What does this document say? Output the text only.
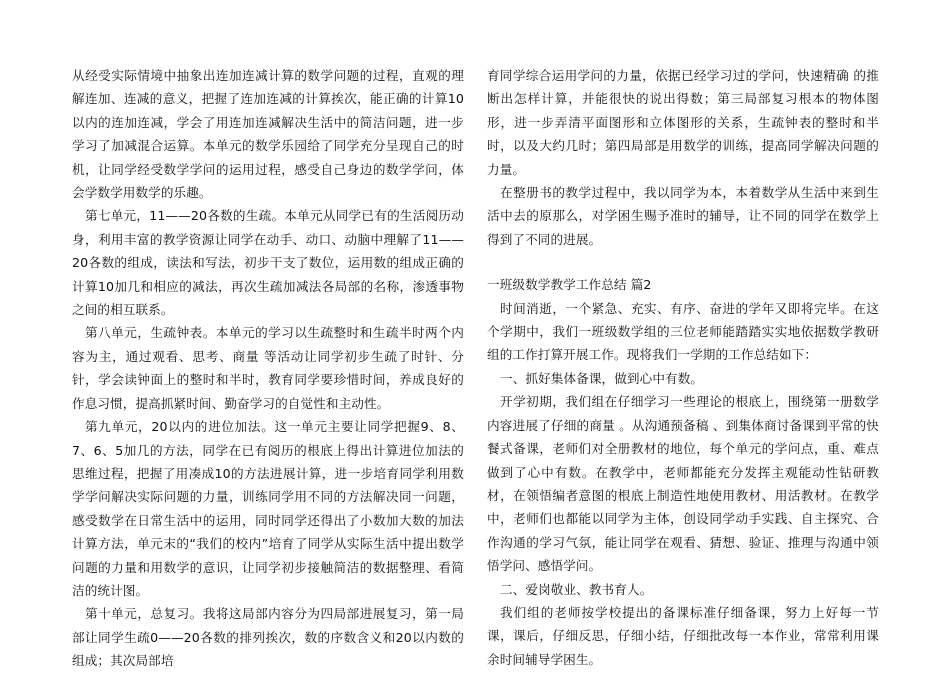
从经受实际情境中抽象出连加连减计算的数学问题的过程，直观的理解连加、连减的意义，把握了连加连减的计算挨次，能正确的计算10以内的连加连减，学会了用连加连减解决生活中的简洁问题，进一步学习了加减混合运算。本单元的数学乐园给了同学充分呈现自己的时机，让同学经受数学学问的运用过程，感受自己身边的数学学问，体会学数学用数学的乐趣。

第七单元，11——20各数的生疏。本单元从同学已有的生活阅历动身，利用丰富的教学资源让同学在动手、动口、动脑中理解了11——20各数的组成，读法和写法，初步干支了数位，运用数的组成正确的计算10加几和相应的减法，再次生疏加减法各局部的名称，渗透事物之间的相互联系。

第八单元，生疏钟表。本单元的学习以生疏整时和生疏半时两个内容为主，通过观看、思考、商量 等活动让同学初步生疏了时针、分针，学会读钟面上的整时和半时，教育同学要珍惜时间，养成良好的作息习惯，提高抓紧时间、勤奋学习的自觉性和主动性。

第九单元，20以内的进位加法。这一单元主要让同学把握9、8、7、6、5加几的方法，同学在已有阅历的根底上得出计算进位加法的思维过程，把握了用凑成10的方法进展计算，进一步培育同学利用数学学问解决实际问题的力量，训练同学用不同的方法解决同一问题，感受数学在日常生活中的运用，同时同学还得出了小数加大数的加法计算方法，单元末的“我们的校内”培育了同学从实际生活中提出数学问题的力量和用数学的意识，让同学初步接触简洁的数据整理、看简洁的统计图。

第十单元，总复习。我将这局部内容分为四局部进展复习，第一局部让同学生疏0——20各数的排列挨次，数的序数含义和20以内数的组成；其次局部培

育同学综合运用学问的力量，依据已经学习过的学问，快速精确 的推断出怎样计算，并能很快的说出得数；第三局部复习根本的物体图形，进一步弄清平面图形和立体图形的关系，生疏钟表的整时和半时，以及大约几时；第四局部是用数学的训练，提高同学解决问题的力量。

在整册书的教学过程中，我以同学为本，本着数学从生活中来到生活中去的原那么，对学困生赐予准时的辅导，让不同的同学在数学上得到了不同的进展。

一班级数学教学工作总结 篇2

时间消逝，一个紧急、充实、有序、奋进的学年又即将完毕。在这个学期中，我们一班级数学组的三位老师能踏踏实实地依据数学教研组的工作打算开展工作。现将我们一学期的工作总结如下：

一、抓好集体备课，做到心中有数。

开学初期，我们组在仔细学习一些理论的根底上，围绕第一册数学内容进展了仔细的商量 。从沟通预备稿 、到集体商讨备课到平常的快餐式备课，老师们对全册教材的地位，每个单元的学问点，重、难点做到了心中有数。在教学中，老师都能充分发挥主观能动性钻研教材，在领悟编者意图的根底上制造性地使用教材、用活教材。在教学中，老师们也都能以同学为主体，创设同学动手实践、自主探究、合作沟通的学习气氛，能让同学在观看、猜想、验证、推理与沟通中领悟学问、感悟学问。

二、爱岗敬业、教书育人。

我们组的老师按学校提出的备课标准仔细备课，努力上好每一节课，课后，仔细反思，仔细小结，仔细批改每一本作业，常常利用课余时间辅导学困生。
